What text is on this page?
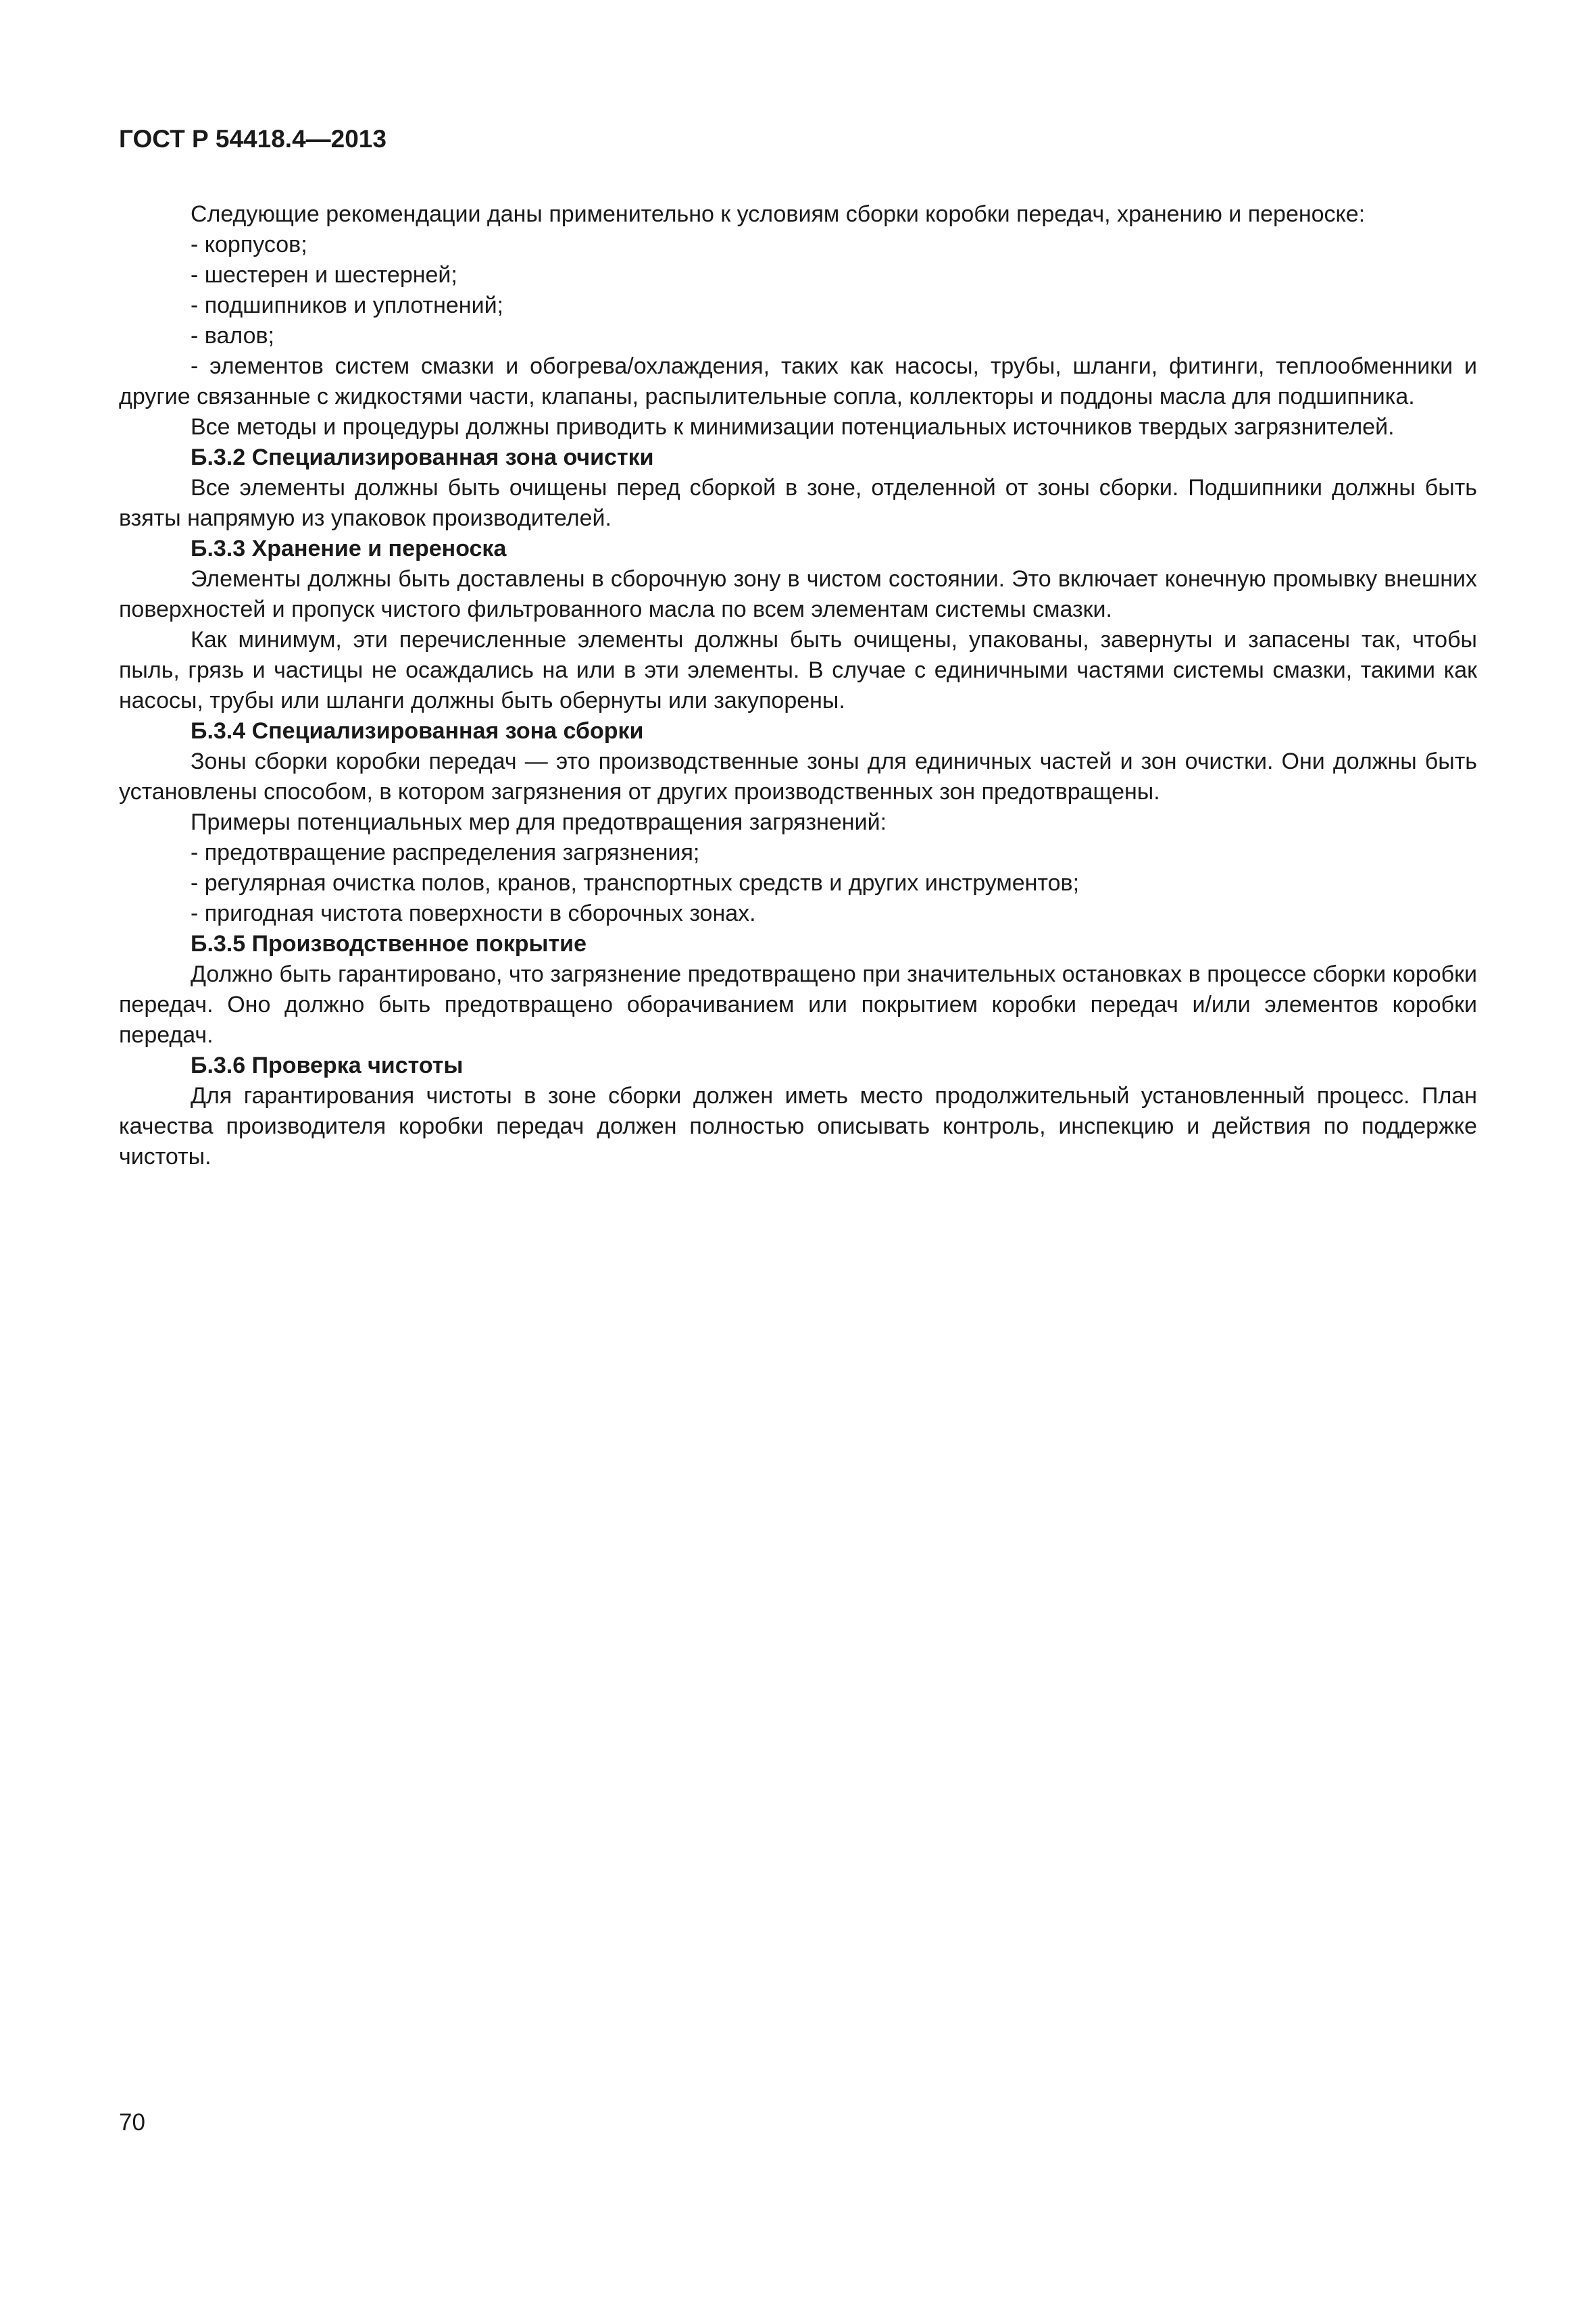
ГОСТ Р 54418.4—2013

Следующие рекомендации даны применительно к условиям сборки коробки передач, хранению и переноске:

- корпусов;

- шестерен и шестерней;

- подшипников и уплотнений;

- валов;

- элементов систем смазки и обогрева/охлаждения, таких как насосы, трубы, шланги, фитинги, теплообменники и другие связанные с жидкостями части, клапаны, распылительные сопла, коллекторы и поддоны масла для подшипника.

Все методы и процедуры должны приводить к минимизации потенциальных источников твердых загрязнителей.

Б.3.2 Специализированная зона очистки

Все элементы должны быть очищены перед сборкой в зоне, отделенной от зоны сборки. Подшипники должны быть взяты напрямую из упаковок производителей.

Б.3.3 Хранение и переноска

Элементы должны быть доставлены в сборочную зону в чистом состоянии. Это включает конечную промывку внешних поверхностей и пропуск чистого фильтрованного масла по всем элементам системы смазки.

Как минимум, эти перечисленные элементы должны быть очищены, упакованы, завернуты и запасены так, чтобы пыль, грязь и частицы не осаждались на или в эти элементы. В случае с единичными частями системы смазки, такими как насосы, трубы или шланги должны быть обернуты или закупорены.

Б.3.4 Специализированная зона сборки

Зоны сборки коробки передач — это производственные зоны для единичных частей и зон очистки. Они должны быть установлены способом, в котором загрязнения от других производственных зон предотвращены.

Примеры потенциальных мер для предотвращения загрязнений:

- предотвращение распределения загрязнения;

- регулярная очистка полов, кранов, транспортных средств и других инструментов;

- пригодная чистота поверхности в сборочных зонах.

Б.3.5 Производственное покрытие

Должно быть гарантировано, что загрязнение предотвращено при значительных остановках в процессе сборки коробки передач. Оно должно быть предотвращено оборачиванием или покрытием коробки передач и/или элементов коробки передач.

Б.3.6 Проверка чистоты

Для гарантирования чистоты в зоне сборки должен иметь место продолжительный установленный процесс. План качества производителя коробки передач должен полностью описывать контроль, инспекцию и действия по поддержке чистоты.

70
